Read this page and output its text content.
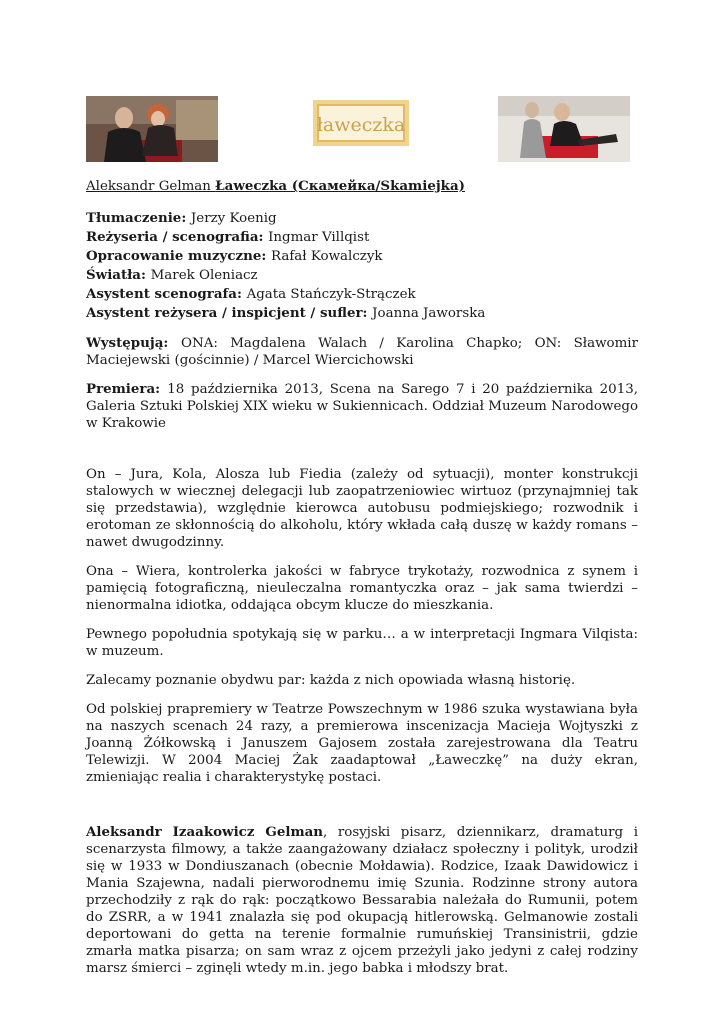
ławeczka
Aleksandr Gelman Ławeczka (Скамейка/Skamiejka)
Tłumaczenie: Jerzy Koenig
Reżyseria / scenografia: Ingmar Villqist
Opracowanie muzyczne: Rafał Kowalczyk
Światła: Marek Oleniacz
Asystent scenografa: Agata Stańczyk-Strączek
Asystent reżysera / inspicjent / sufler: Joanna Jaworska

Występują: ONA: Magdalena Walach / Karolina Chapko; ON: Sławomir Maciejewski (gościnnie) / Marcel Wiercichowski

Premiera: 18 października 2013, Scena na Sarego 7 i 20 października 2013, Galeria Sztuki Polskiej XIX wieku w Sukiennicach. Oddział Muzeum Narodowego w Krakowie

On – Jura, Kola, Alosza lub Fiedia (zależy od sytuacji), monter konstrukcji stalowych w wiecznej delegacji lub zaopatrzeniowiec wirtuoz (przynajmniej tak się przedstawia), względnie kierowca autobusu podmiejskiego; rozwodnik i erotoman ze skłonnością do alkoholu, który wkłada całą duszę w każdy romans – nawet dwugodzinny.

Ona – Wiera, kontrolerka jakości w fabryce trykotaży, rozwodnica z synem i pamięcią fotograficzną, nieuleczalna romantyczka oraz – jak sama twierdzi – nienormalna idiotka, oddająca obcym klucze do mieszkania.

Pewnego popołudnia spotykają się w parku… a w interpretacji Ingmara Vilqista: w muzeum.

Zalecamy poznanie obydwu par: każda z nich opowiada własną historię.

Od polskiej prapremiery w Teatrze Powszechnym w 1986 szuka wystawiana była na naszych scenach 24 razy, a premierowa inscenizacja Macieja Wojtyszki z Joanną Żółkowską i Januszem Gajosem została zarejestrowana dla Teatru Telewizji. W 2004 Maciej Żak zaadaptował „Ławeczkę” na duży ekran, zmieniając realia i charakterystykę postaci.

Aleksandr Izaakowicz Gelman, rosyjski pisarz, dziennikarz, dramaturg i scenarzysta filmowy, a także zaangażowany działacz społeczny i polityk, urodził się w 1933 w Dondiuszanach (obecnie Mołdawia). Rodzice, Izaak Dawidowicz i Mania Szajewna, nadali pierworodnemu imię Szunia. Rodzinne strony autora przechodziły z rąk do rąk: początkowo Bessarabia należała do Rumunii, potem do ZSRR, a w 1941 znalazła się pod okupacją hitlerowską. Gelmanowie zostali deportowani do getta na terenie formalnie rumuńskiej Transinistrii, gdzie zmarła matka pisarza; on sam wraz z ojcem przeżyli jako jedyni z całej rodziny marsz śmierci – zginęli wtedy m.in. jego babka i młodszy brat.
